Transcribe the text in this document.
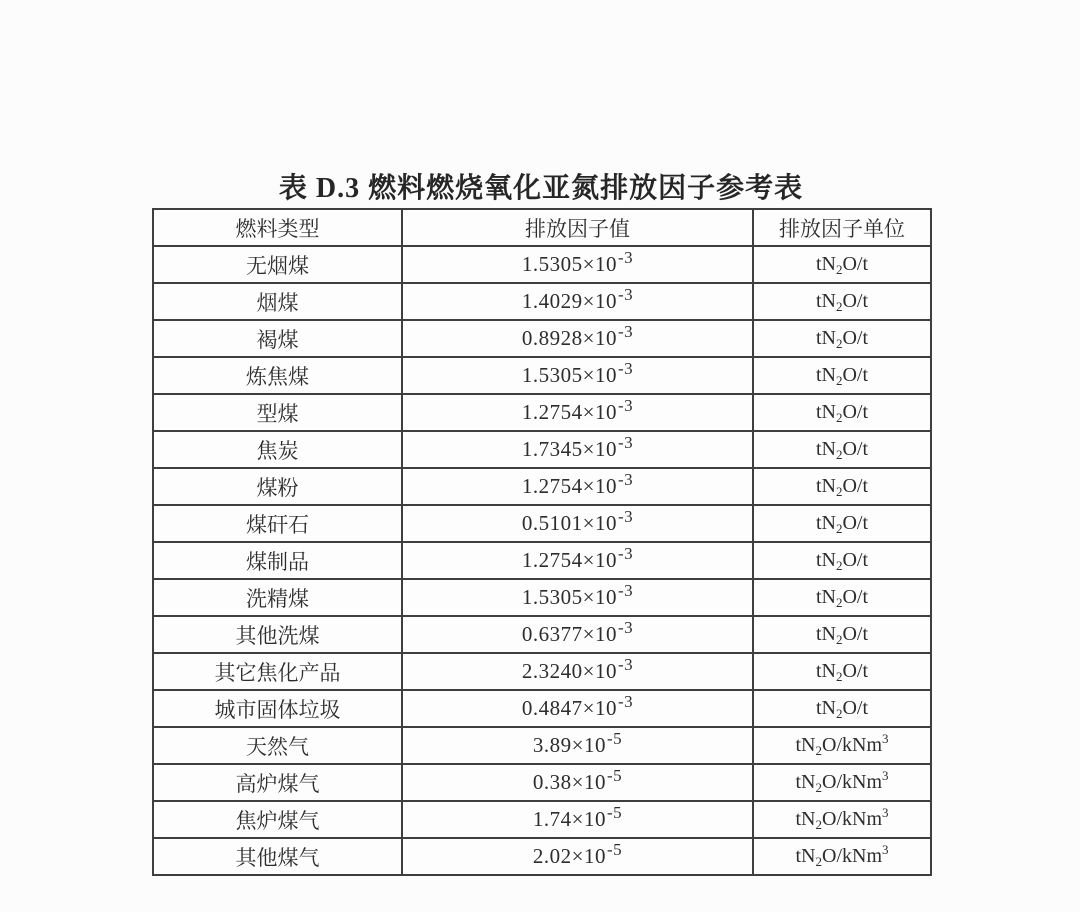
表 D.3 燃料燃烧氧化亚氮排放因子参考表
燃料类型	排放因子值	排放因子单位
无烟煤	$1.5305\times 10^{-3}$	$tN_2O/t$
烟煤	$1.4029\times 10^{-3}$	$tN_2O/t$
褐煤	$0.8928\times 10^{-3}$	$tN_2O/t$
炼焦煤	$1.5305\times 10^{-3}$	$tN_2O/t$
型煤	$1.2754\times 10^{-3}$	$tN_2O/t$
焦炭	$1.7345\times 10^{-3}$	$tN_2O/t$
煤粉	$1.2754\times 10^{-3}$	$tN_2O/t$
煤矸石	$0.5101\times 10^{-3}$	$tN_2O/t$
煤制品	$1.2754\times 10^{-3}$	$tN_2O/t$
洗精煤	$1.5305\times 10^{-3}$	$tN_2O/t$
其他洗煤	$0.6377\times 10^{-3}$	$tN_2O/t$
其它焦化产品	$2.3240\times 10^{-3}$	$tN_2O/t$
城市固体垃圾	$0.4847\times 10^{-3}$	$tN_2O/t$
天然气	$3.89\times 10^{-5}$	$tN_2O/kNm^3$
高炉煤气	$0.38\times 10^{-5}$	$tN_2O/kNm^3$
焦炉煤气	$1.74\times 10^{-5}$	$tN_2O/kNm^3$
其他煤气	$2.02\times 10^{-5}$	$tN_2O/kNm^3$
